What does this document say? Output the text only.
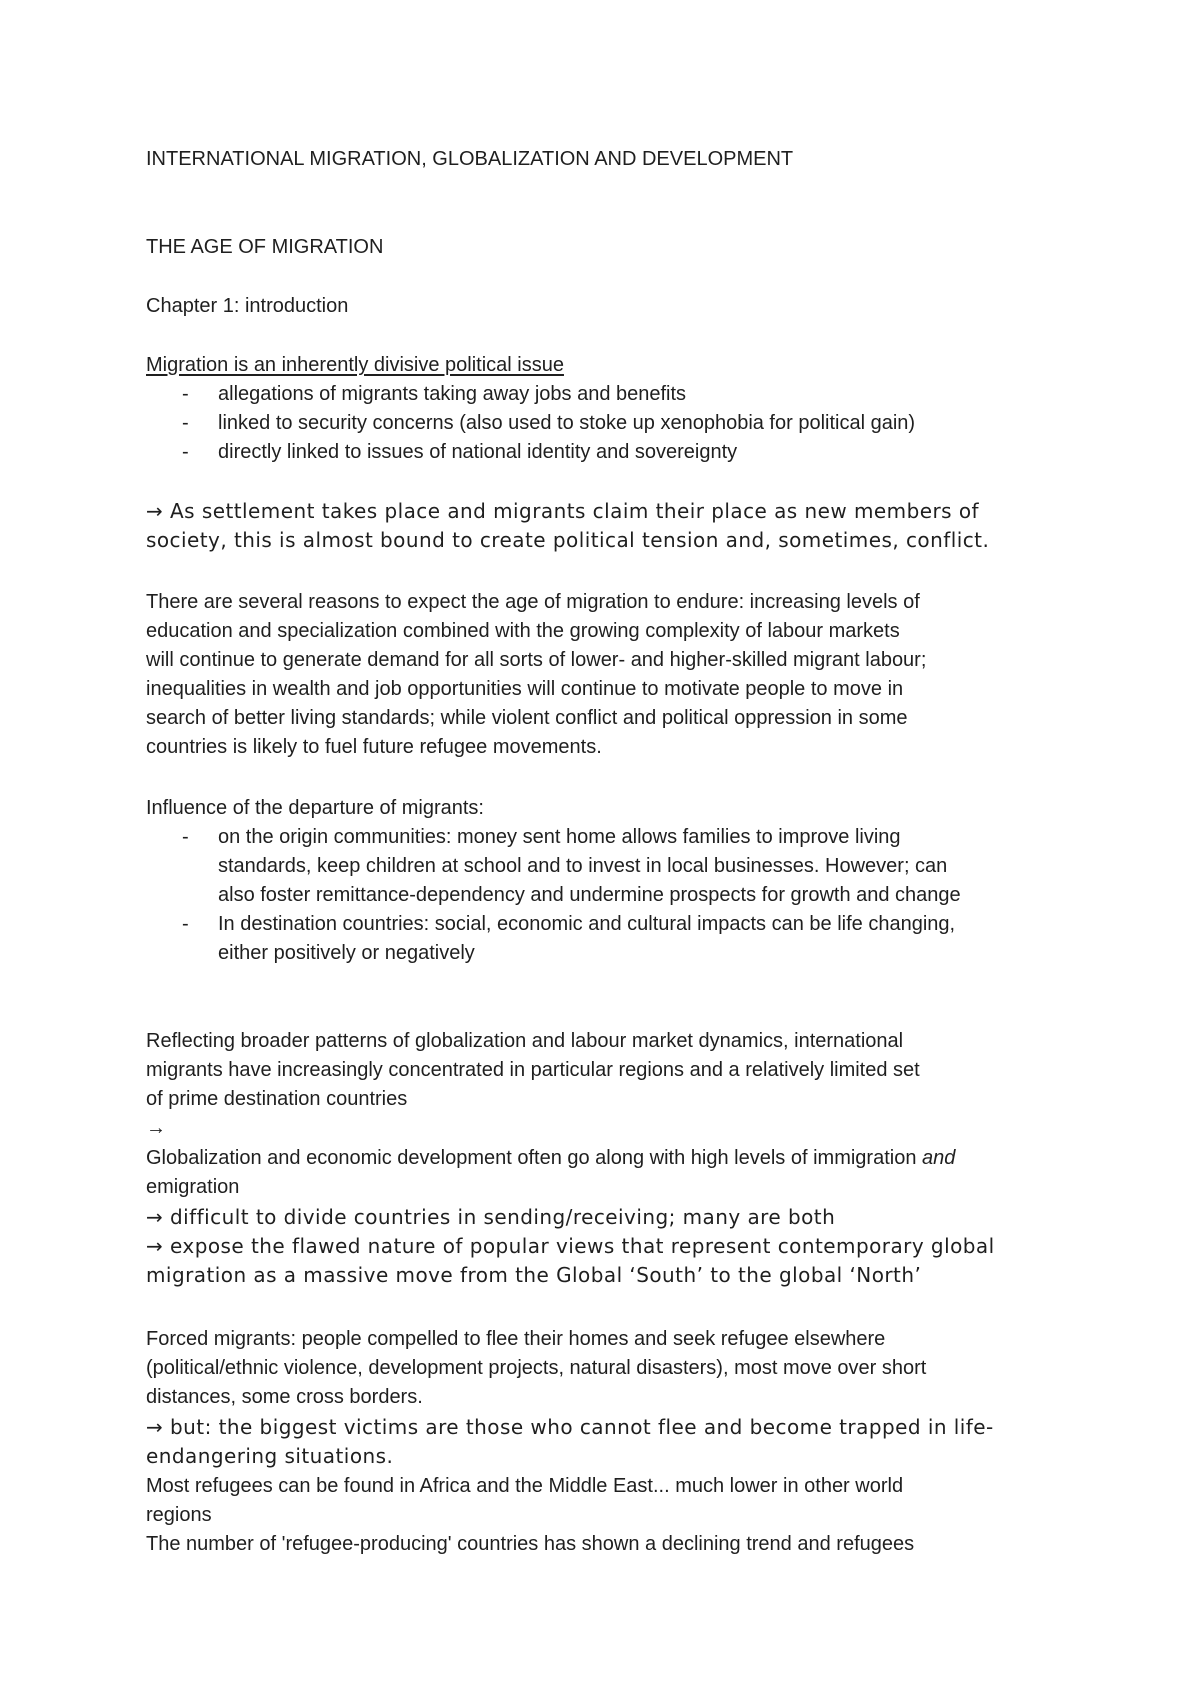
INTERNATIONAL MIGRATION, GLOBALIZATION AND DEVELOPMENT

THE AGE OF MIGRATION

Chapter 1: introduction

Migration is an inherently divisive political issue

- allegations of migrants taking away jobs and benefits

- linked to security concerns (also used to stoke up xenophobia for political gain)

- directly linked to issues of national identity and sovereignty

→ As settlement takes place and migrants claim their place as new members of

society, this is almost bound to create political tension and, sometimes, conflict.

There are several reasons to expect the age of migration to endure: increasing levels of

education and specialization combined with the growing complexity of labour markets

will continue to generate demand for all sorts of lower- and higher-skilled migrant labour;

inequalities in wealth and job opportunities will continue to motivate people to move in

search of better living standards; while violent conflict and political oppression in some

countries is likely to fuel future refugee movements.

Influence of the departure of migrants:

- on the origin communities: money sent home allows families to improve living

standards, keep children at school and to invest in local businesses. However; can

also foster remittance-dependency and undermine prospects for growth and change

- In destination countries: social, economic and cultural impacts can be life changing,

either positively or negatively

Reflecting broader patterns of globalization and labour market dynamics, international

migrants have increasingly concentrated in particular regions and a relatively limited set

of prime destination countries

→

Globalization and economic development often go along with high levels of immigration and

emigration

→ difficult to divide countries in sending/receiving; many are both

→ expose the flawed nature of popular views that represent contemporary global

migration as a massive move from the Global ‘South’ to the global ‘North’

Forced migrants: people compelled to flee their homes and seek refugee elsewhere

(political/ethnic violence, development projects, natural disasters), most move over short

distances, some cross borders.

→ but: the biggest victims are those who cannot flee and become trapped in life-

endangering situations.

Most refugees can be found in Africa and the Middle East... much lower in other world

regions

The number of 'refugee-producing' countries has shown a declining trend and refugees
